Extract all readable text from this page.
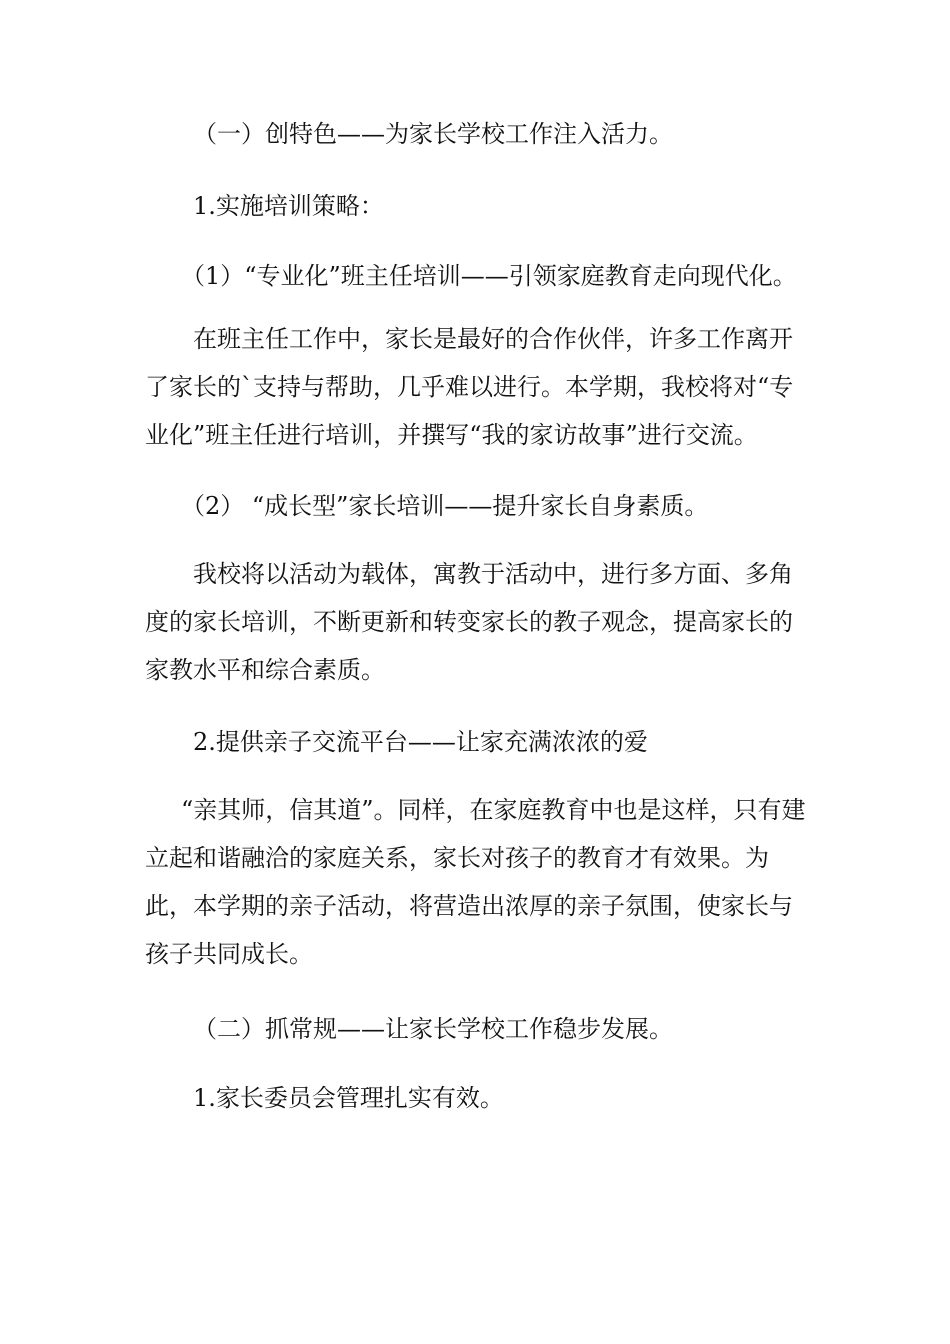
（一）创特色——为家长学校工作注入活力。

1.实施培训策略：

（1）“专业化”班主任培训——引领家庭教育走向现代化。

在班主任工作中，家长是最好的合作伙伴，许多工作离开了家长的`支持与帮助，几乎难以进行。本学期，我校将对“专业化”班主任进行培训，并撰写“我的家访故事”进行交流。

（2） “成长型”家长培训——提升家长自身素质。

我校将以活动为载体，寓教于活动中，进行多方面、多角度的家长培训，不断更新和转变家长的教子观念，提高家长的家教水平和综合素质。

2.提供亲子交流平台——让家充满浓浓的爱

“亲其师，信其道”。同样，在家庭教育中也是这样，只有建立起和谐融洽的家庭关系，家长对孩子的教育才有效果。为此，本学期的亲子活动，将营造出浓厚的亲子氛围，使家长与孩子共同成长。

（二）抓常规——让家长学校工作稳步发展。

1.家长委员会管理扎实有效。
